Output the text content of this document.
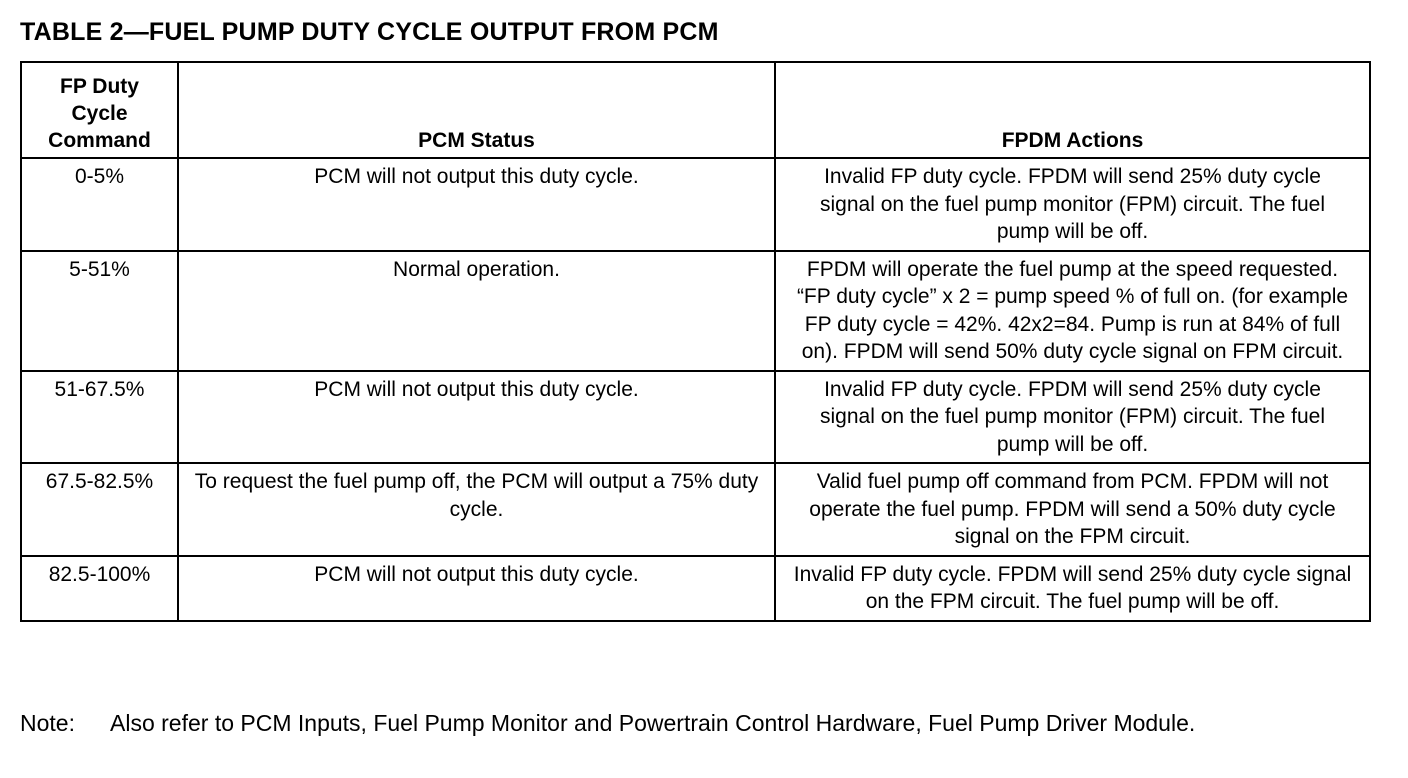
TABLE 2—FUEL PUMP DUTY CYCLE OUTPUT FROM PCM
FP Duty Cycle Command	PCM Status	FPDM Actions
0-5%	PCM will not output this duty cycle.	Invalid FP duty cycle. FPDM will send 25% duty cycle signal on the fuel pump monitor (FPM) circuit. The fuel pump will be off.
5-51%	Normal operation.	FPDM will operate the fuel pump at the speed requested. “FP duty cycle” x 2 = pump speed % of full on. (for example FP duty cycle = 42%. 42x2=84. Pump is run at 84% of full on). FPDM will send 50% duty cycle signal on FPM circuit.
51-67.5%	PCM will not output this duty cycle.	Invalid FP duty cycle. FPDM will send 25% duty cycle signal on the fuel pump monitor (FPM) circuit. The fuel pump will be off.
67.5-82.5%	To request the fuel pump off, the PCM will output a 75% duty cycle.	Valid fuel pump off command from PCM. FPDM will not operate the fuel pump. FPDM will send a 50% duty cycle signal on the FPM circuit.
82.5-100%	PCM will not output this duty cycle.	Invalid FP duty cycle. FPDM will send 25% duty cycle signal on the FPM circuit. The fuel pump will be off.
Note:	Also refer to PCM Inputs, Fuel Pump Monitor and Powertrain Control Hardware, Fuel Pump Driver Module.
